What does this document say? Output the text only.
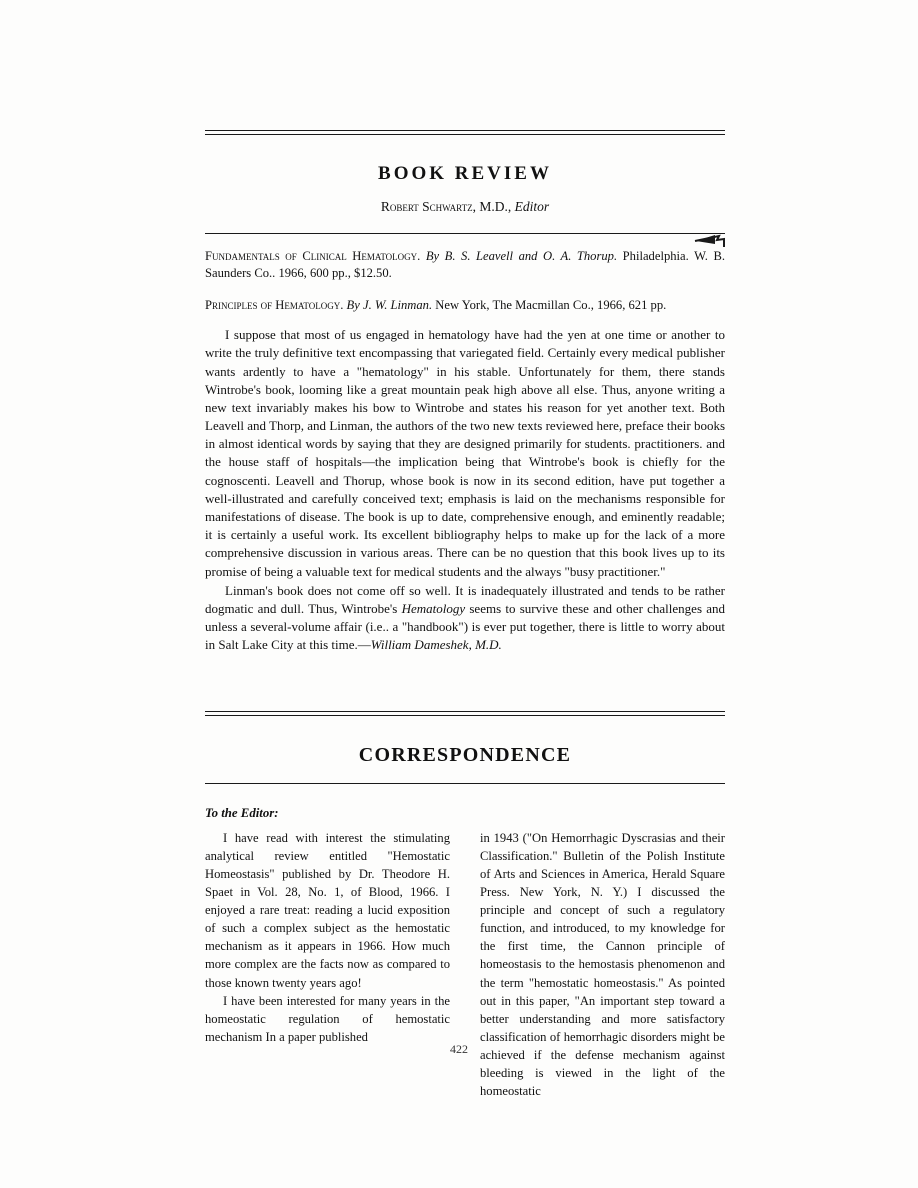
BOOK REVIEW
Robert Schwartz, M.D., Editor
Fundamentals of Clinical Hematology. By B. S. Leavell and O. A. Thorup. Philadelphia. W. B. Saunders Co.. 1966, 600 pp., $12.50.
Principles of Hematology. By J. W. Linman. New York, The Macmillan Co., 1966, 621 pp.

I suppose that most of us engaged in hematology have had the yen at one time or another to write the truly definitive text encompassing that variegated field. Certainly every medical publisher wants ardently to have a "hematology" in his stable. Unfortunately for them, there stands Wintrobe's book, looming like a great mountain peak high above all else. Thus, anyone writing a new text invariably makes his bow to Wintrobe and states his reason for yet another text. Both Leavell and Thorp, and Linman, the authors of the two new texts reviewed here, preface their books in almost identical words by saying that they are designed primarily for students. practitioners. and the house staff of hospitals—the implication being that Wintrobe's book is chiefly for the cognoscenti. Leavell and Thorup, whose book is now in its second edition, have put together a well-illustrated and carefully conceived text; emphasis is laid on the mechanisms responsible for manifestations of disease. The book is up to date, comprehensive enough, and eminently readable; it is certainly a useful work. Its excellent bibliography helps to make up for the lack of a more comprehensive discussion in various areas. There can be no question that this book lives up to its promise of being a valuable text for medical students and the always "busy practitioner."

Linman's book does not come off so well. It is inadequately illustrated and tends to be rather dogmatic and dull. Thus, Wintrobe's Hematology seems to survive these and other challenges and unless a several-volume affair (i.e.. a "handbook") is ever put together, there is little to worry about in Salt Lake City at this time.—William Dameshek, M.D.

CORRESPONDENCE
To the Editor:

I have read with interest the stimulating analytical review entitled "Hemostatic Homeostasis" published by Dr. Theodore H. Spaet in Vol. 28, No. 1, of Blood, 1966. I enjoyed a rare treat: reading a lucid exposition of such a complex subject as the hemostatic mechanism as it appears in 1966. How much more complex are the facts now as compared to those known twenty years ago!

I have been interested for many years in the homeostatic regulation of hemostatic mechanism In a paper published

in 1943 ("On Hemorrhagic Dyscrasias and their Classification." Bulletin of the Polish Institute of Arts and Sciences in America, Herald Square Press. New York, N. Y.) I discussed the principle and concept of such a regulatory function, and introduced, to my knowledge for the first time, the Cannon principle of homeostasis to the hemostasis phenomenon and the term "hemostatic homeostasis." As pointed out in this paper, "An important step toward a better understanding and more satisfactory classification of hemorrhagic disorders might be achieved if the defense mechanism against bleeding is viewed in the light of the homeostatic

422
